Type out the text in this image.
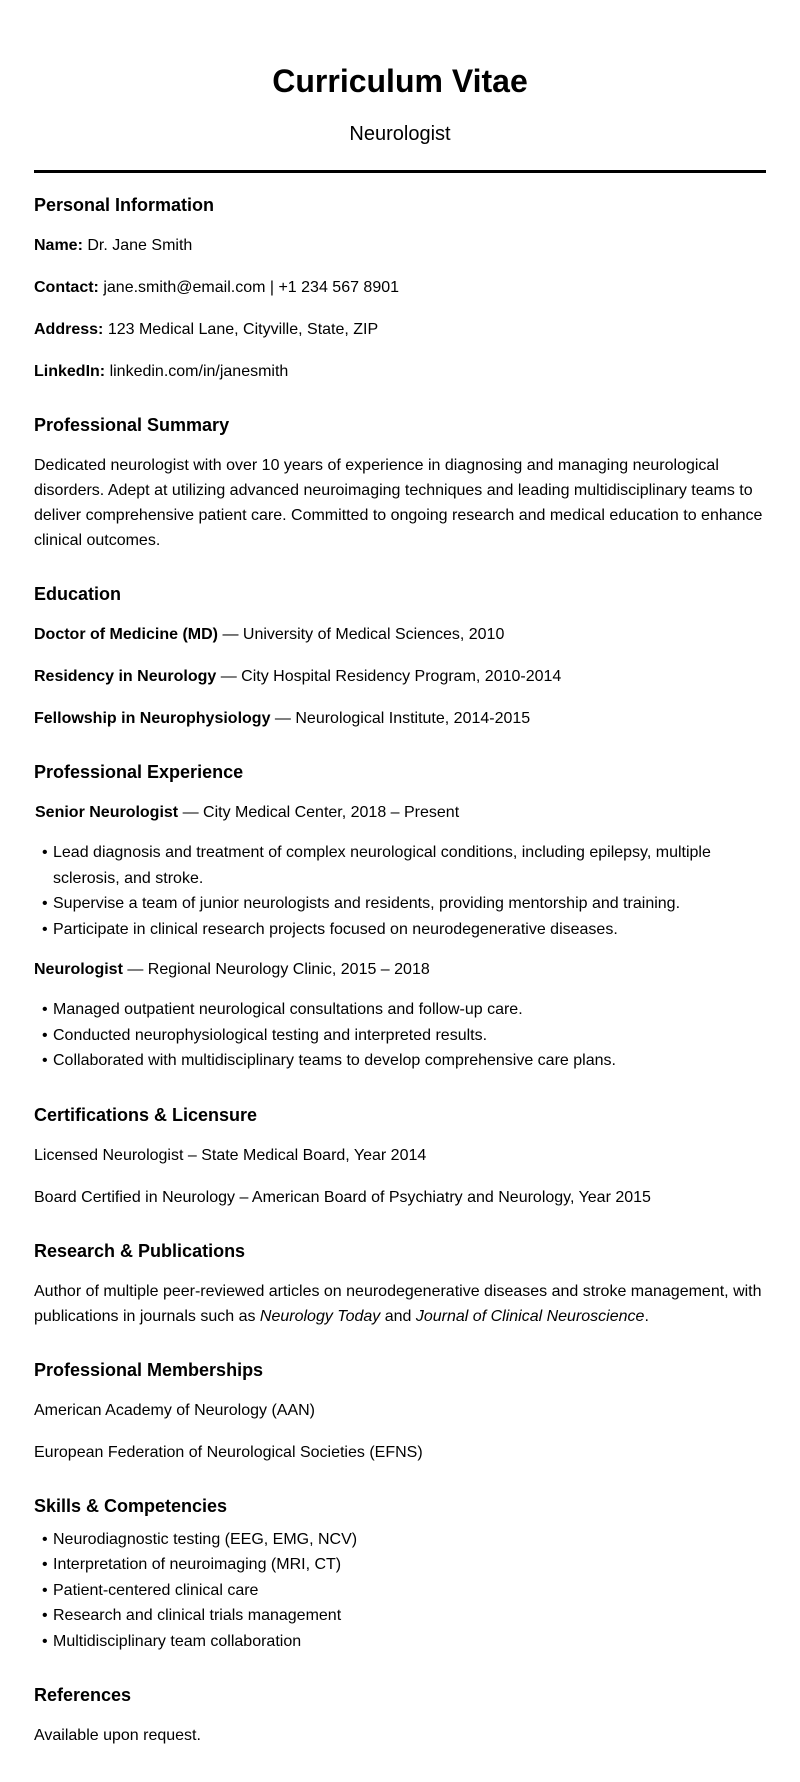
Curriculum Vitae
Neurologist
Personal Information

Name: Dr. Jane Smith

Contact: jane.smith@email.com | +1 234 567 8901

Address: 123 Medical Lane, Cityville, State, ZIP

LinkedIn: linkedin.com/in/janesmith

Professional Summary

Dedicated neurologist with over 10 years of experience in diagnosing and managing neurological disorders. Adept at utilizing advanced neuroimaging techniques and leading multidisciplinary teams to deliver comprehensive patient care. Committed to ongoing research and medical education to enhance clinical outcomes.

Education

Doctor of Medicine (MD) — University of Medical Sciences, 2010

Residency in Neurology — City Hospital Residency Program, 2010-2014

Fellowship in Neurophysiology — Neurological Institute, 2014-2015

Professional Experience

Senior Neurologist — City Medical Center, 2018 – Present

• Lead diagnosis and treatment of complex neurological conditions, including epilepsy, multiple sclerosis, and stroke.
• Supervise a team of junior neurologists and residents, providing mentorship and training.
• Participate in clinical research projects focused on neurodegenerative diseases.

Neurologist — Regional Neurology Clinic, 2015 – 2018

• Managed outpatient neurological consultations and follow-up care.
• Conducted neurophysiological testing and interpreted results.
• Collaborated with multidisciplinary teams to develop comprehensive care plans.
Certifications & Licensure

Licensed Neurologist – State Medical Board, Year 2014

Board Certified in Neurology – American Board of Psychiatry and Neurology, Year 2015

Research & Publications

Author of multiple peer-reviewed articles on neurodegenerative diseases and stroke management, with publications in journals such as Neurology Today and Journal of Clinical Neuroscience.

Professional Memberships

American Academy of Neurology (AAN)

European Federation of Neurological Societies (EFNS)

Skills & Competencies
• Neurodiagnostic testing (EEG, EMG, NCV)
• Interpretation of neuroimaging (MRI, CT)
• Patient-centered clinical care
• Research and clinical trials management
• Multidisciplinary team collaboration
References

Available upon request.
